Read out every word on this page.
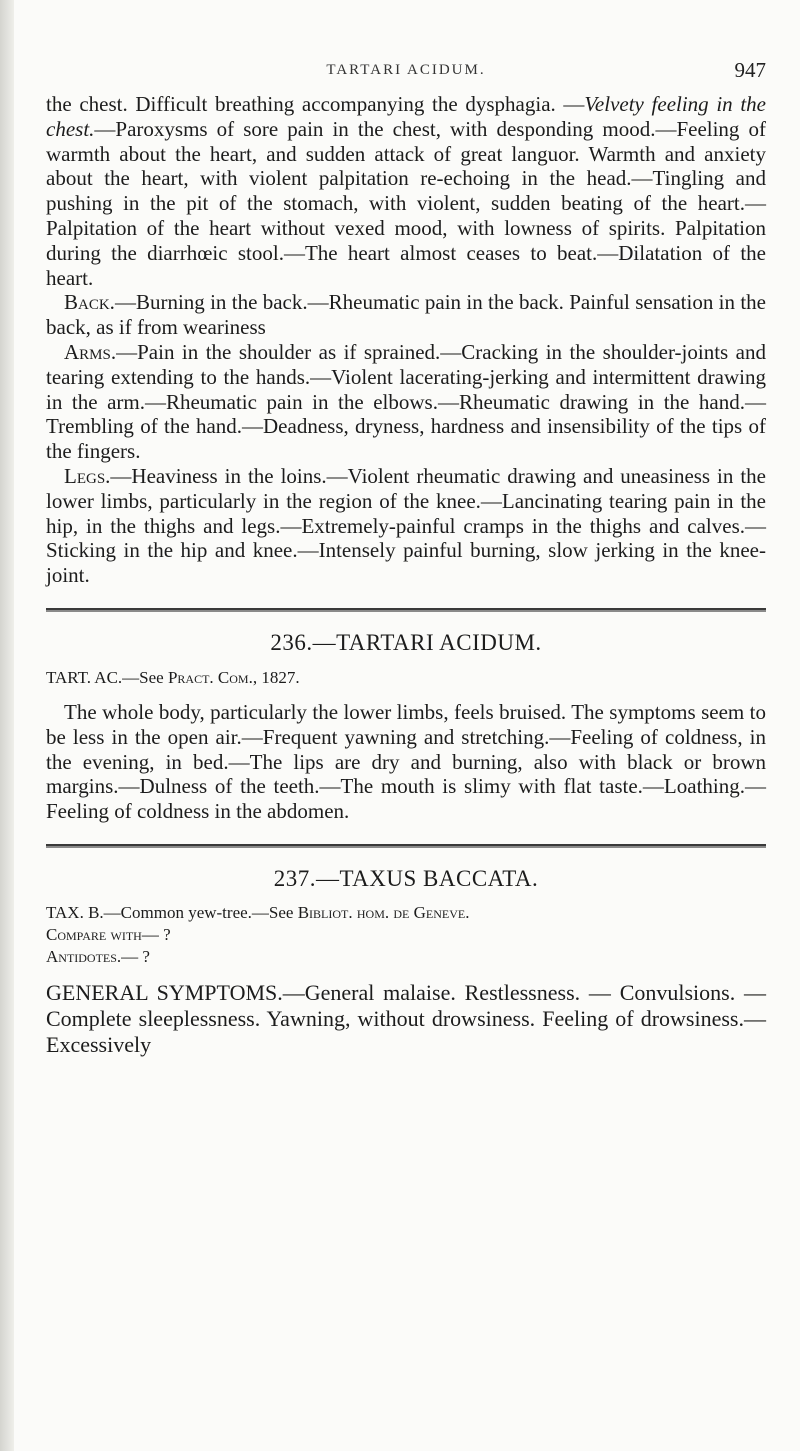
TARTARI ACIDUM.	947

the chest. Difficult breathing accompanying the dysphagia. —Velvety feeling in the chest.—Paroxysms of sore pain in the chest, with desponding mood.—Feeling of warmth about the heart, and sudden attack of great languor. Warmth and anxiety about the heart, with violent palpitation re-echoing in the head.—Tingling and pushing in the pit of the stomach, with violent, sudden beating of the heart.—Palpitation of the heart without vexed mood, with lowness of spirits. Palpitation during the diarrhœic stool.—The heart almost ceases to beat.—Dilatation of the heart.

Back.—Burning in the back.—Rheumatic pain in the back. Painful sensation in the back, as if from weariness

Arms.—Pain in the shoulder as if sprained.—Cracking in the shoulder-joints and tearing extending to the hands.—Violent lacerating-jerking and intermittent drawing in the arm.—Rheumatic pain in the elbows.—Rheumatic drawing in the hand.—Trembling of the hand.—Deadness, dryness, hardness and insensibility of the tips of the fingers.

Legs.—Heaviness in the loins.—Violent rheumatic drawing and uneasiness in the lower limbs, particularly in the region of the knee.—Lancinating tearing pain in the hip, in the thighs and legs.—Extremely-painful cramps in the thighs and calves.—Sticking in the hip and knee.—Intensely painful burning, slow jerking in the knee-joint.

236.—TARTARI ACIDUM.

TART. AC.—See Pract. Com., 1827.

The whole body, particularly the lower limbs, feels bruised. The symptoms seem to be less in the open air.—Frequent yawning and stretching.—Feeling of coldness, in the evening, in bed.—The lips are dry and burning, also with black or brown margins.—Dulness of the teeth.—The mouth is slimy with flat taste.—Loathing.—Feeling of coldness in the abdomen.

237.—TAXUS BACCATA.

TAX. B.—Common yew-tree.—See Bibliot. hom. de Geneve.

Compare with— ?

Antidotes.— ?

GENERAL SYMPTOMS.—General malaise. Restlessness. — Convulsions. — Complete sleeplessness. Yawning, without drowsiness. Feeling of drowsiness.—Excessively
